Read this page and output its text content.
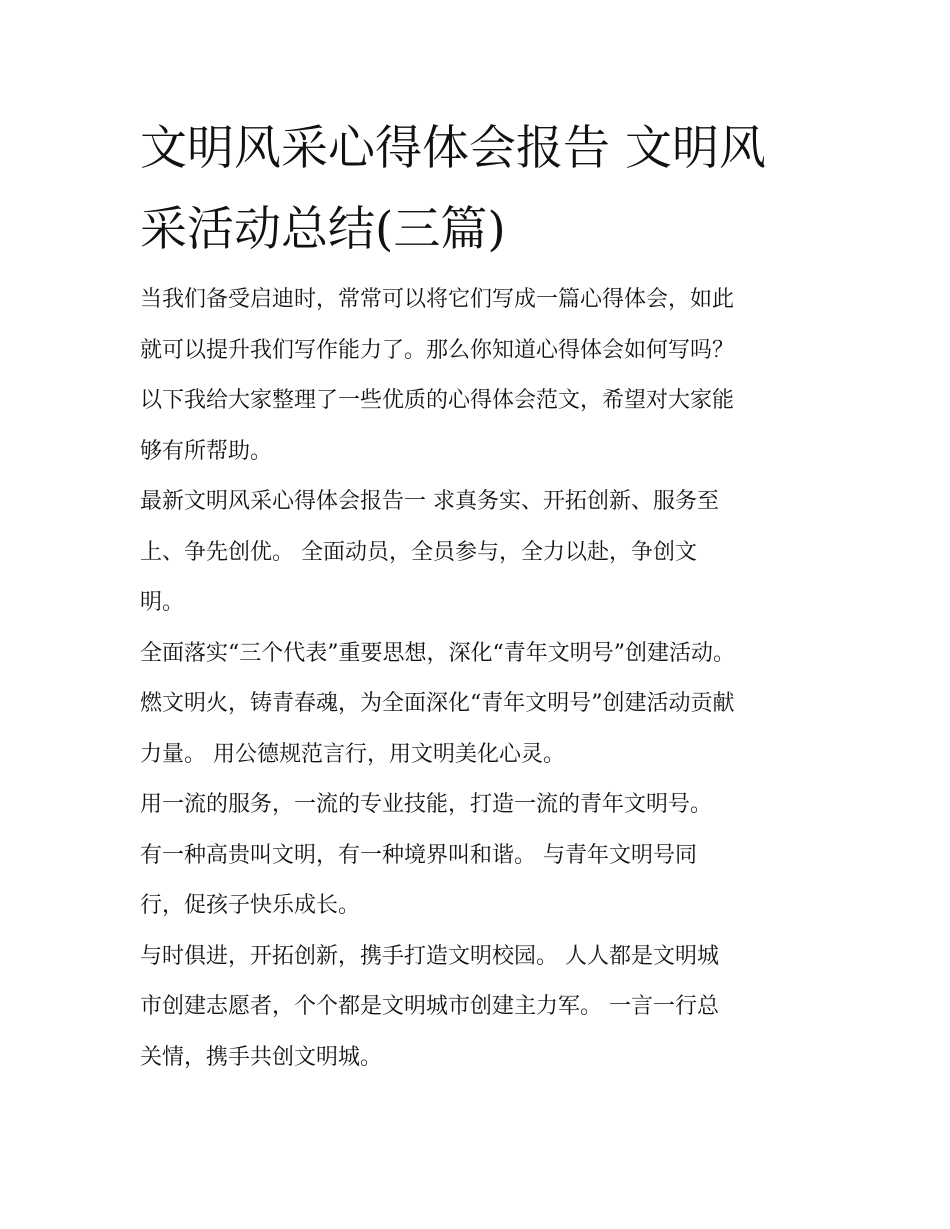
文明风采心得体会报告 文明风
采活动总结(三篇)
当我们备受启迪时，常常可以将它们写成一篇心得体会，如此
就可以提升我们写作能力了。那么你知道心得体会如何写吗？
以下我给大家整理了一些优质的心得体会范文，希望对大家能
够有所帮助。
最新文明风采心得体会报告一 求真务实、开拓创新、服务至
上、争先创优。 全面动员，全员参与，全力以赴，争创文
明。
全面落实“三个代表”重要思想，深化“青年文明号”创建活动。
燃文明火，铸青春魂，为全面深化“青年文明号”创建活动贡献
力量。 用公德规范言行，用文明美化心灵。
用一流的服务，一流的专业技能，打造一流的青年文明号。
有一种高贵叫文明，有一种境界叫和谐。 与青年文明号同
行，促孩子快乐成长。
与时俱进，开拓创新，携手打造文明校园。 人人都是文明城
市创建志愿者，个个都是文明城市创建主力军。 一言一行总
关情，携手共创文明城。
